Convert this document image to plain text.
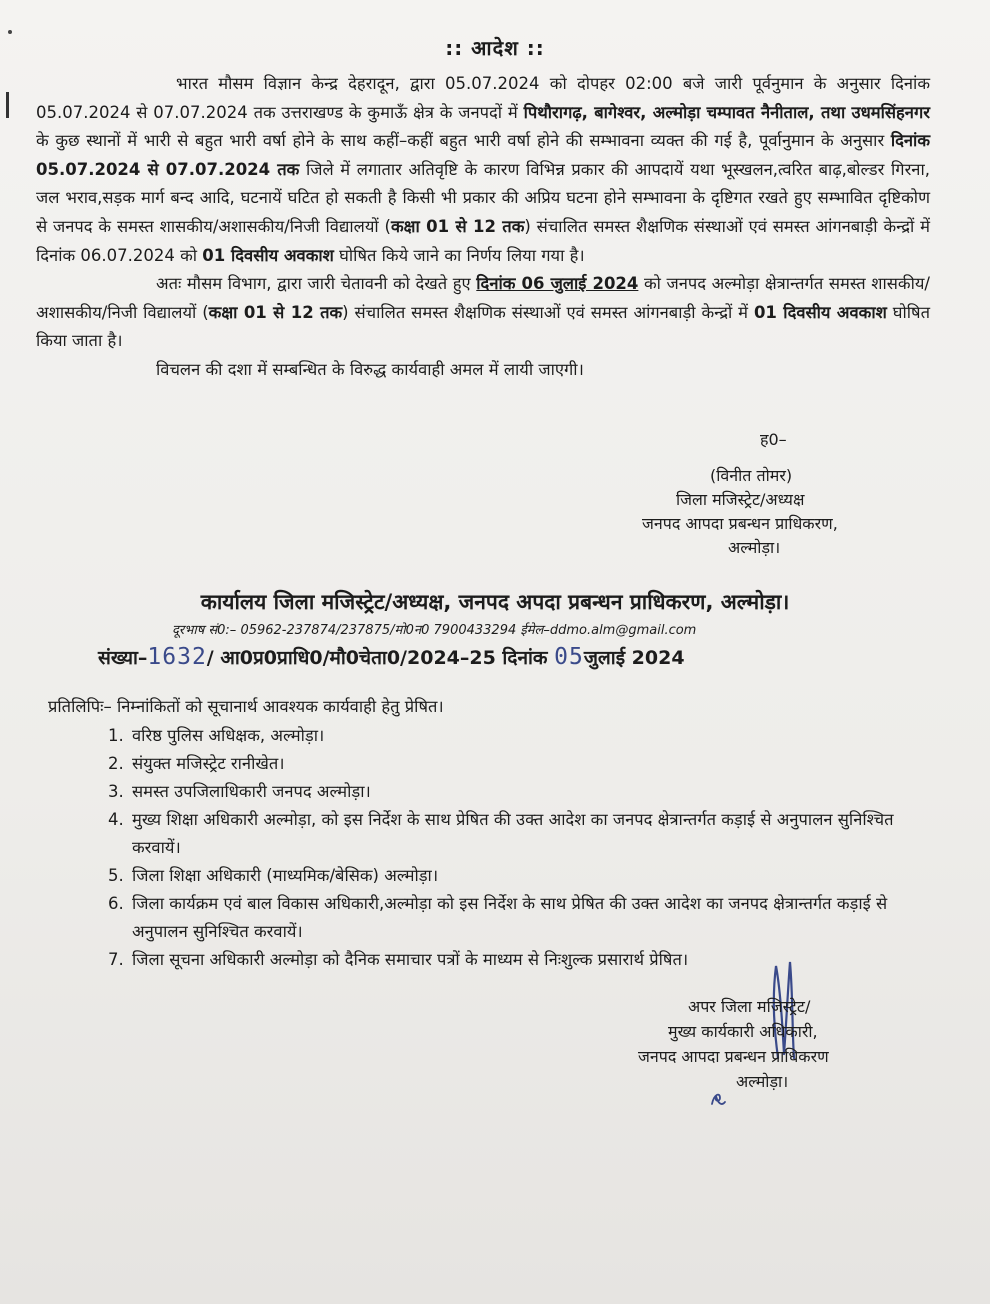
:: आदेश ::

भारत मौसम विज्ञान केन्द्र देहरादून, द्वारा 05.07.2024 को दोपहर 02:00 बजे जारी पूर्वनुमान के अनुसार दिनांक 05.07.2024 से 07.07.2024 तक उत्तराखण्ड के कुमाऊँ क्षेत्र के जनपदों में पिथौरागढ़, बागेश्वर, अल्मोड़ा चम्पावत नैनीताल, तथा उधमसिंहनगर के कुछ स्थानों में भारी से बहुत भारी वर्षा होने के साथ कहीं–कहीं बहुत भारी वर्षा होने की सम्भावना व्यक्त की गई है, पूर्वानुमान के अनुसार दिनांक 05.07.2024 से 07.07.2024 तक जिले में लगातार अतिवृष्टि के कारण विभिन्न प्रकार की आपदायें यथा भूस्खलन,त्वरित बाढ़,बोल्डर गिरना, जल भराव,सड़क मार्ग बन्द आदि, घटनायें घटित हो सकती है किसी भी प्रकार की अप्रिय घटना होने सम्भावना के दृष्टिगत रखते हुए सम्भावित दृष्टिकोण से जनपद के समस्त शासकीय/अशासकीय/निजी विद्यालयों (कक्षा 01 से 12 तक) संचालित समस्त शैक्षणिक संस्थाओं एवं समस्त आंगनबाड़ी केन्द्रों में दिनांक 06.07.2024 को 01 दिवसीय अवकाश घोषित किये जाने का निर्णय लिया गया है।

अतः मौसम विभाग, द्वारा जारी चेतावनी को देखते हुए दिनांक 06 जुलाई 2024 को जनपद अल्मोड़ा क्षेत्रान्तर्गत समस्त शासकीय/अशासकीय/निजी विद्यालयों (कक्षा 01 से 12 तक) संचालित समस्त शैक्षणिक संस्थाओं एवं समस्त आंगनबाड़ी केन्द्रों में 01 दिवसीय अवकाश घोषित किया जाता है।

विचलन की दशा में सम्बन्धित के विरुद्ध कार्यवाही अमल में लायी जाएगी।

ह0–
(विनीत तोमर)
जिला मजिस्ट्रेट/अध्यक्ष
जनपद आपदा प्रबन्धन प्राधिकरण,
अल्मोड़ा।
कार्यालय जिला मजिस्ट्रेट/अध्यक्ष, जनपद अपदा प्रबन्धन प्राधिकरण, अल्मोड़ा।
दूरभाष सं0:– 05962-237874/237875/मो0न0 7900433294 ईमेल–ddmo.alm@gmail.com
संख्या–1632/ आ0प्र0प्राधि0/मौ0चेता0/2024–25 दिनांक 05जुलाई 2024
प्रतिलिपिः– निम्नांकितों को सूचानार्थ आवश्यक कार्यवाही हेतु प्रेषित।
1. वरिष्ठ पुलिस अधिक्षक, अल्मोड़ा।
2. संयुक्त मजिस्ट्रेट रानीखेत।
3. समस्त उपजिलाधिकारी जनपद अल्मोड़ा।
4. मुख्य शिक्षा अधिकारी अल्मोड़ा, को इस निर्देश के साथ प्रेषित की उक्त आदेश का जनपद क्षेत्रान्तर्गत कड़ाई से अनुपालन सुनिश्चित करवायें।
5. जिला शिक्षा अधिकारी (माध्यमिक/बेसिक) अल्मोड़ा।
6. जिला कार्यक्रम एवं बाल विकास अधिकारी,अल्मोड़ा को इस निर्देश के साथ प्रेषित की उक्त आदेश का जनपद क्षेत्रान्तर्गत कड़ाई से अनुपालन सुनिश्चित करवायें।
7. जिला सूचना अधिकारी अल्मोड़ा को दैनिक समाचार पत्रों के माध्यम से निःशुल्क प्रसारार्थ प्रेषित।
अपर जिला मजिस्ट्रेट/
मुख्य कार्यकारी अधिकारी,
जनपद आपदा प्रबन्धन प्राधिकरण
अल्मोड़ा।
